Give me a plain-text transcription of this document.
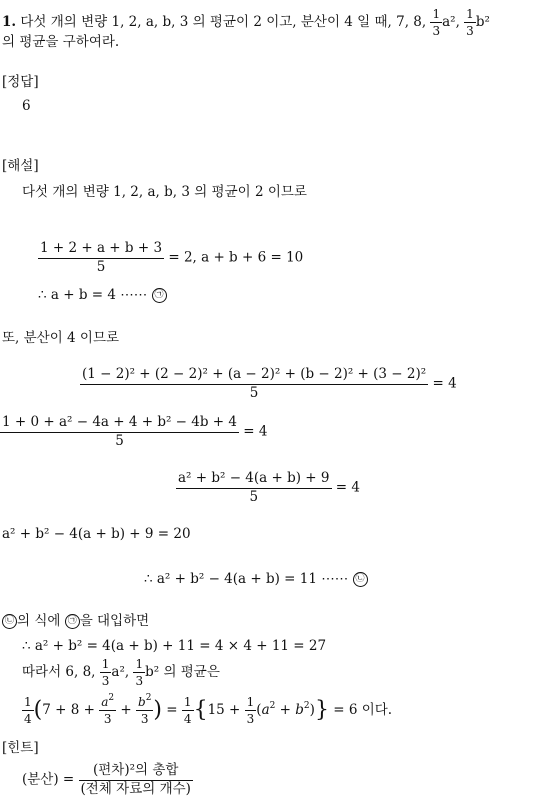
1. 다섯 개의 변량 1, 2, a, b, 3 의 평균이 2 이고, 분산이 4 일 때, 7, 8, $\frac{1}{3} a^2$, $\frac{1}{3} b^2$
의 평균을 구하여라.
[정답]
6
[해설]
다섯 개의 변량 1, 2, a, b, 3 의 평균이 2 이므로
$\frac{1 + 2 + a + b + 3}{5} = 2$, a + b + 6 = 10
∴ a + b = 4 ⋯⋯ ㉠
또, 분산이 4 이므로
$\frac{\text{(1 − 2)² + (2 − 2)² + (a − 2)² + (b − 2)² + (3 − 2)²}}{5} = 4$
$\frac{\text{1 + 0 + a² − 4a + 4 + b² − 4b + 4}}{5} = 4$
$\frac{\text{a² + b² − 4(a + b) + 9}}{5} = 4$
a² + b² − 4(a + b) + 9 = 20
∴ a² + b² − 4(a + b) = 11 ⋯⋯ ㉡
㉡ 의 식에 ㉠ 을 대입하면
∴ a² + b² = 4(a + b) + 11 = 4 × 4 + 11 = 27
따라서 6, 8, $\frac{1}{3} a^2$, $\frac{1}{3} b^2$ 의 평균은
$\frac{1}{4} (7 + 8 + \frac{a^2}{3} + \frac{b^2}{3}$ ) = $\frac{1}{4} \{15 + \frac{1}{3} (a^2 + b^2)\} = 6$ 이다.
[힌트]
(분산) = $\frac{\text{(편차)²의 총합}}{\text{(전체 자료의 개수)}}$
